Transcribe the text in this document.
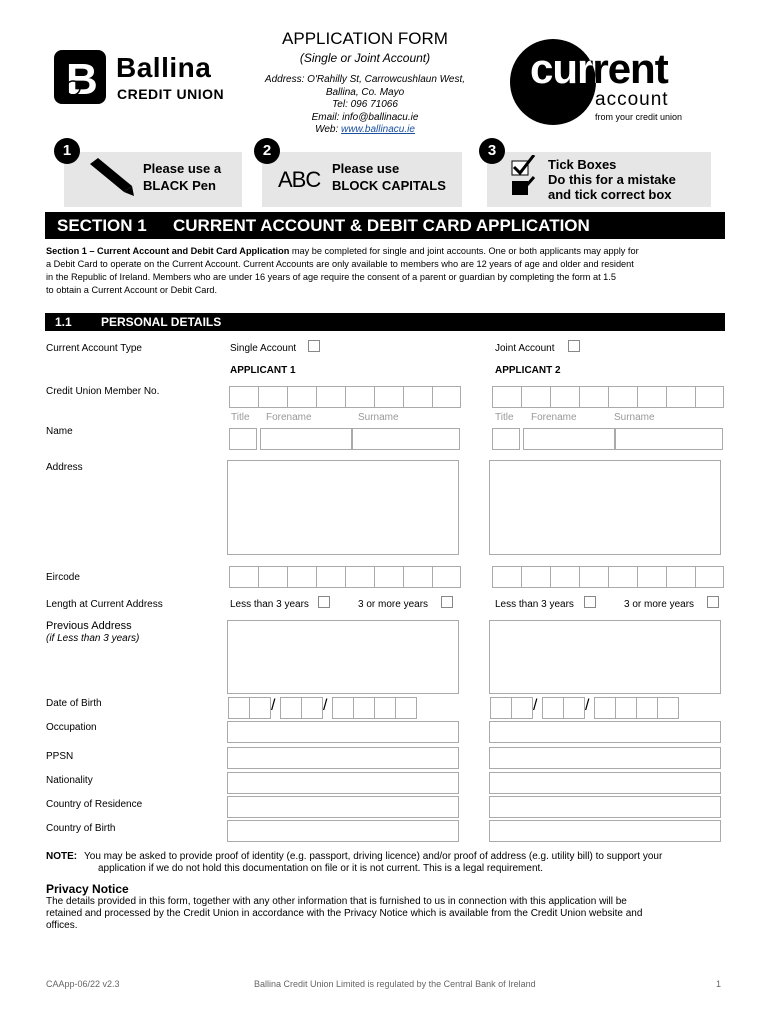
B Ballina
CREDIT UNION
APPLICATION FORM
(Single or Joint Account)
Address: O'Rahilly St, Carrowcushlaun West,
Ballina, Co. Mayo
Tel: 096 71066
Email: info@ballinacu.ie
Web: www.ballinacu.ie
current
account
from your credit union
1
Please use a
BLACK Pen
2
ABC Please use
BLOCK CAPITALS
3
Tick Boxes
Do this for a mistake
and tick correct box
SECTION 1	CURRENT ACCOUNT & DEBIT CARD APPLICATION
Section 1 – Current Account and Debit Card Application may be completed for single and joint accounts. One or both applicants may apply for
a Debit Card to operate on the Current Account. Current Accounts are only available to members who are 12 years of age and older and resident
in the Republic of Ireland. Members who are under 16 years of age require the consent of a parent or guardian by completing the form at 1.5
to obtain a Current Account or Debit Card.
1.1 PERSONAL DETAILS
Current Account Type	Single Account	Joint Account
APPLICANT 1	APPLICANT 2
Credit Union Member No.
Title Forename	Surname	Title Forename	Surname
Name
Address
Eircode
Length at Current Address	Less than 3 years	3 or more years	Less than 3 years	3 or more years
Previous Address
(if Less than 3 years)
Date of Birth	/	/	/	/
Occupation
PPSN
Nationality
Country of Residence
Country of Birth
NOTE: You may be asked to provide proof of identity (e.g. passport, driving licence) and/or proof of address (e.g. utility bill) to support your
application if we do not hold this documentation on file or it is not current. This is a legal requirement.
Privacy Notice
The details provided in this form, together with any other information that is furnished to us in connection with this application will be
retained and processed by the Credit Union in accordance with the Privacy Notice which is available from the Credit Union website and
offices.
CAApp-06/22 v2.3	Ballina Credit Union Limited is regulated by the Central Bank of Ireland	1
